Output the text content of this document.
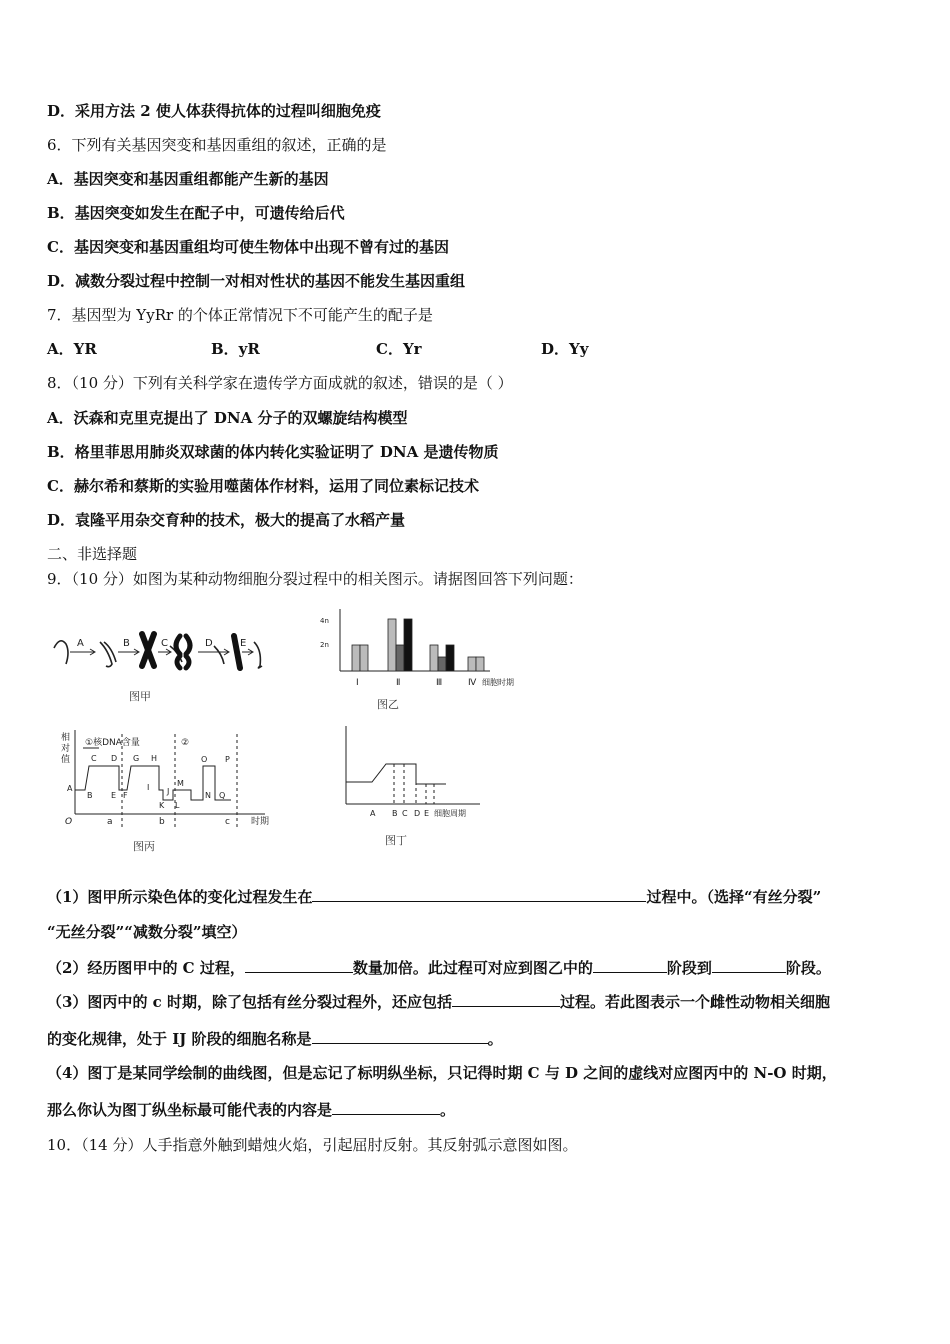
D．采用方法 2 使人体获得抗体的过程叫细胞免疫
6．下列有关基因突变和基因重组的叙述，正确的是
A．基因突变和基因重组都能产生新的基因
B．基因突变如发生在配子中，可遗传给后代
C．基因突变和基因重组均可使生物体中出现不曾有过的基因
D．减数分裂过程中控制一对相对性状的基因不能发生基因重组
7．基因型为 YyRr 的个体正常情况下不可能产生的配子是
A．YR	B．yR	C．Yr	D．Yy
8．（10 分）下列有关科学家在遗传学方面成就的叙述，错误的是（ ）
A．沃森和克里克提出了 DNA 分子的双螺旋结构模型
B．格里菲思用肺炎双球菌的体内转化实验证明了 DNA 是遗传物质
C．赫尔希和蔡斯的实验用噬菌体作材料，运用了同位素标记技术
D．袁隆平用杂交育种的技术，极大的提高了水稻产量
二、非选择题
9．（10 分）如图为某种动物细胞分裂过程中的相关图示。请据图回答下列问题：
A	B	C	D	E
图甲
4n
2n
Ⅰ	Ⅱ	Ⅲ	Ⅳ 细胞时期
图乙
相
对
值
①核DNA含量	②
O	时期
a	b	c
A
B
C D
E F
G H
I J
K L
M
N
O P
Q
图丙
A B C D E 细胞周期
图丁
（1）图甲所示染色体的变化过程发生在	过程中。（选择“有丝分裂”
“无丝分裂”“减数分裂”填空）
（2）经历图甲中的 C 过程，	数量加倍。此过程可对应到图乙中的	阶段到	阶段。
（3）图丙中的 c 时期，除了包括有丝分裂过程外，还应包括	过程。若此图表示一个雌性动物相关细胞
的变化规律，处于 IJ 阶段的细胞名称是	。
（4）图丁是某同学绘制的曲线图，但是忘记了标明纵坐标，只记得时期 C 与 D 之间的虚线对应图丙中的 N-O 时期，
那么你认为图丁纵坐标最可能代表的内容是	。
10．（14 分）人手指意外触到蜡烛火焰，引起屈肘反射。其反射弧示意图如图。
